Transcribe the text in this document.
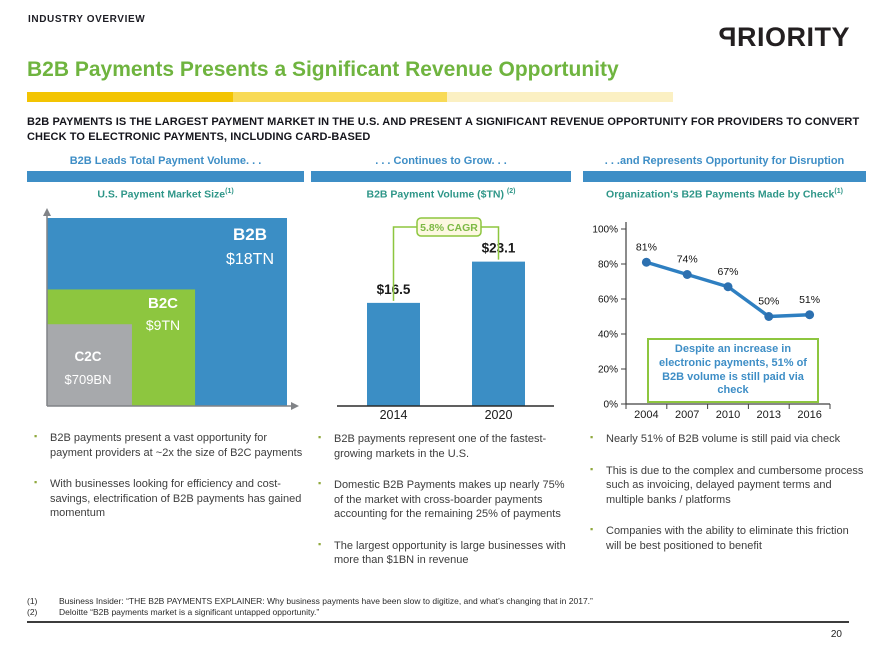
INDUSTRY OVERVIEW
PRIORITY
B2B Payments Presents a Significant Revenue Opportunity

B2B PAYMENTS IS THE LARGEST PAYMENT MARKET IN THE U.S. AND PRESENT A SIGNIFICANT REVENUE OPPORTUNITY FOR PROVIDERS TO CONVERT CHECK TO ELECTRONIC PAYMENTS, INCLUDING CARD-BASED

B2B Leads Total Payment Volume. . .
U.S. Payment Market Size$^{(1)}$
B2B
$18TN
B2C
$9TN
C2C
$709BN
▪ B2B payments present a vast opportunity for payment providers at ~2x the size of B2C payments
▪ With businesses looking for efficiency and cost-savings, electrification of B2B payments has gained momentum
. . . Continues to Grow. . .
B2B Payment Volume ($TN) $^{(2)}$
$16.5
2014
$23.1
2020
5.8% CAGR
▪ B2B payments represent one of the fastest-growing markets in the U.S.
▪ Domestic B2B Payments makes up nearly 75% of the market with cross-boarder payments accounting for the remaining 25% of payments
▪ The largest opportunity is large businesses with more than $1BN in revenue
. . .and Represents Opportunity for Disruption
Organization's B2B Payments Made by Check$^{(1)}$
Despite an increase in electronic payments, 51% of B2B volume is still paid via check
0%
20%
40%
60%
80%
100%
81%
2004
74%
2007
67%
2010
50%
2013
51%
2016
▪ Nearly 51% of B2B volume is still paid via check
▪ This is due to the complex and cumbersome process such as invoicing, delayed payment terms and multiple banks / platforms
▪ Companies with the ability to eliminate this friction will be best positioned to benefit
(1)	Business Insider: “THE B2B PAYMENTS EXPLAINER: Why business payments have been slow to digitize, and what’s changing that in 2017.”
(2)	Deloitte “B2B payments market is a significant untapped opportunity.”
20
